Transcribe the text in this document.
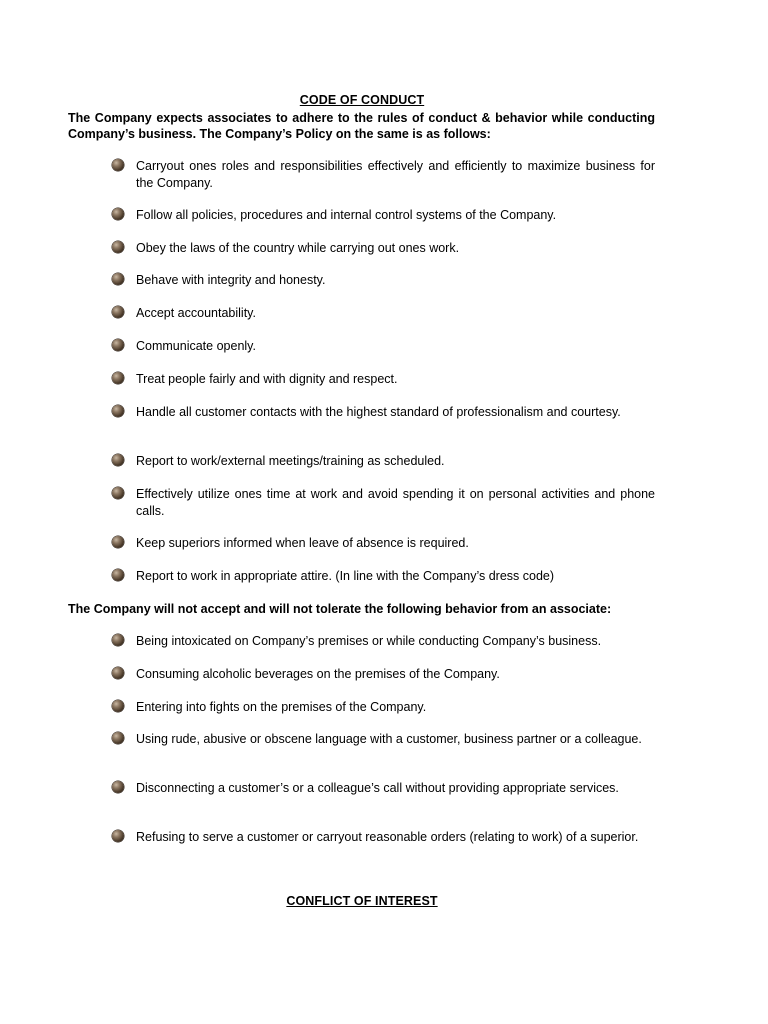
CODE OF CONDUCT
The Company expects associates to adhere to the rules of conduct & behavior while conducting Company’s business. The Company’s Policy on the same is as follows:
Carryout ones roles and responsibilities effectively and efficiently to maximize business for the Company.
Follow all policies, procedures and internal control systems of the Company.
Obey the laws of the country while carrying out ones work.
Behave with integrity and honesty.
Accept accountability.
Communicate openly.
Treat people fairly and with dignity and respect.
Handle all customer contacts with the highest standard of professionalism and courtesy.
Report to work/external meetings/training as scheduled.
Effectively utilize ones time at work and avoid spending it on personal activities and phone calls.
Keep superiors informed when leave of absence is required.
Report to work in appropriate attire. (In line with the Company’s dress code)
The Company will not accept and will not tolerate the following behavior from an associate:
Being intoxicated on Company’s premises or while conducting Company’s business.
Consuming alcoholic beverages on the premises of the Company.
Entering into fights on the premises of the Company.
Using rude, abusive or obscene language with a customer, business partner or a colleague.
Disconnecting a customer’s or a colleague’s call without providing appropriate services.
Refusing to serve a customer or carryout reasonable orders (relating to work) of a superior.
CONFLICT OF INTEREST
